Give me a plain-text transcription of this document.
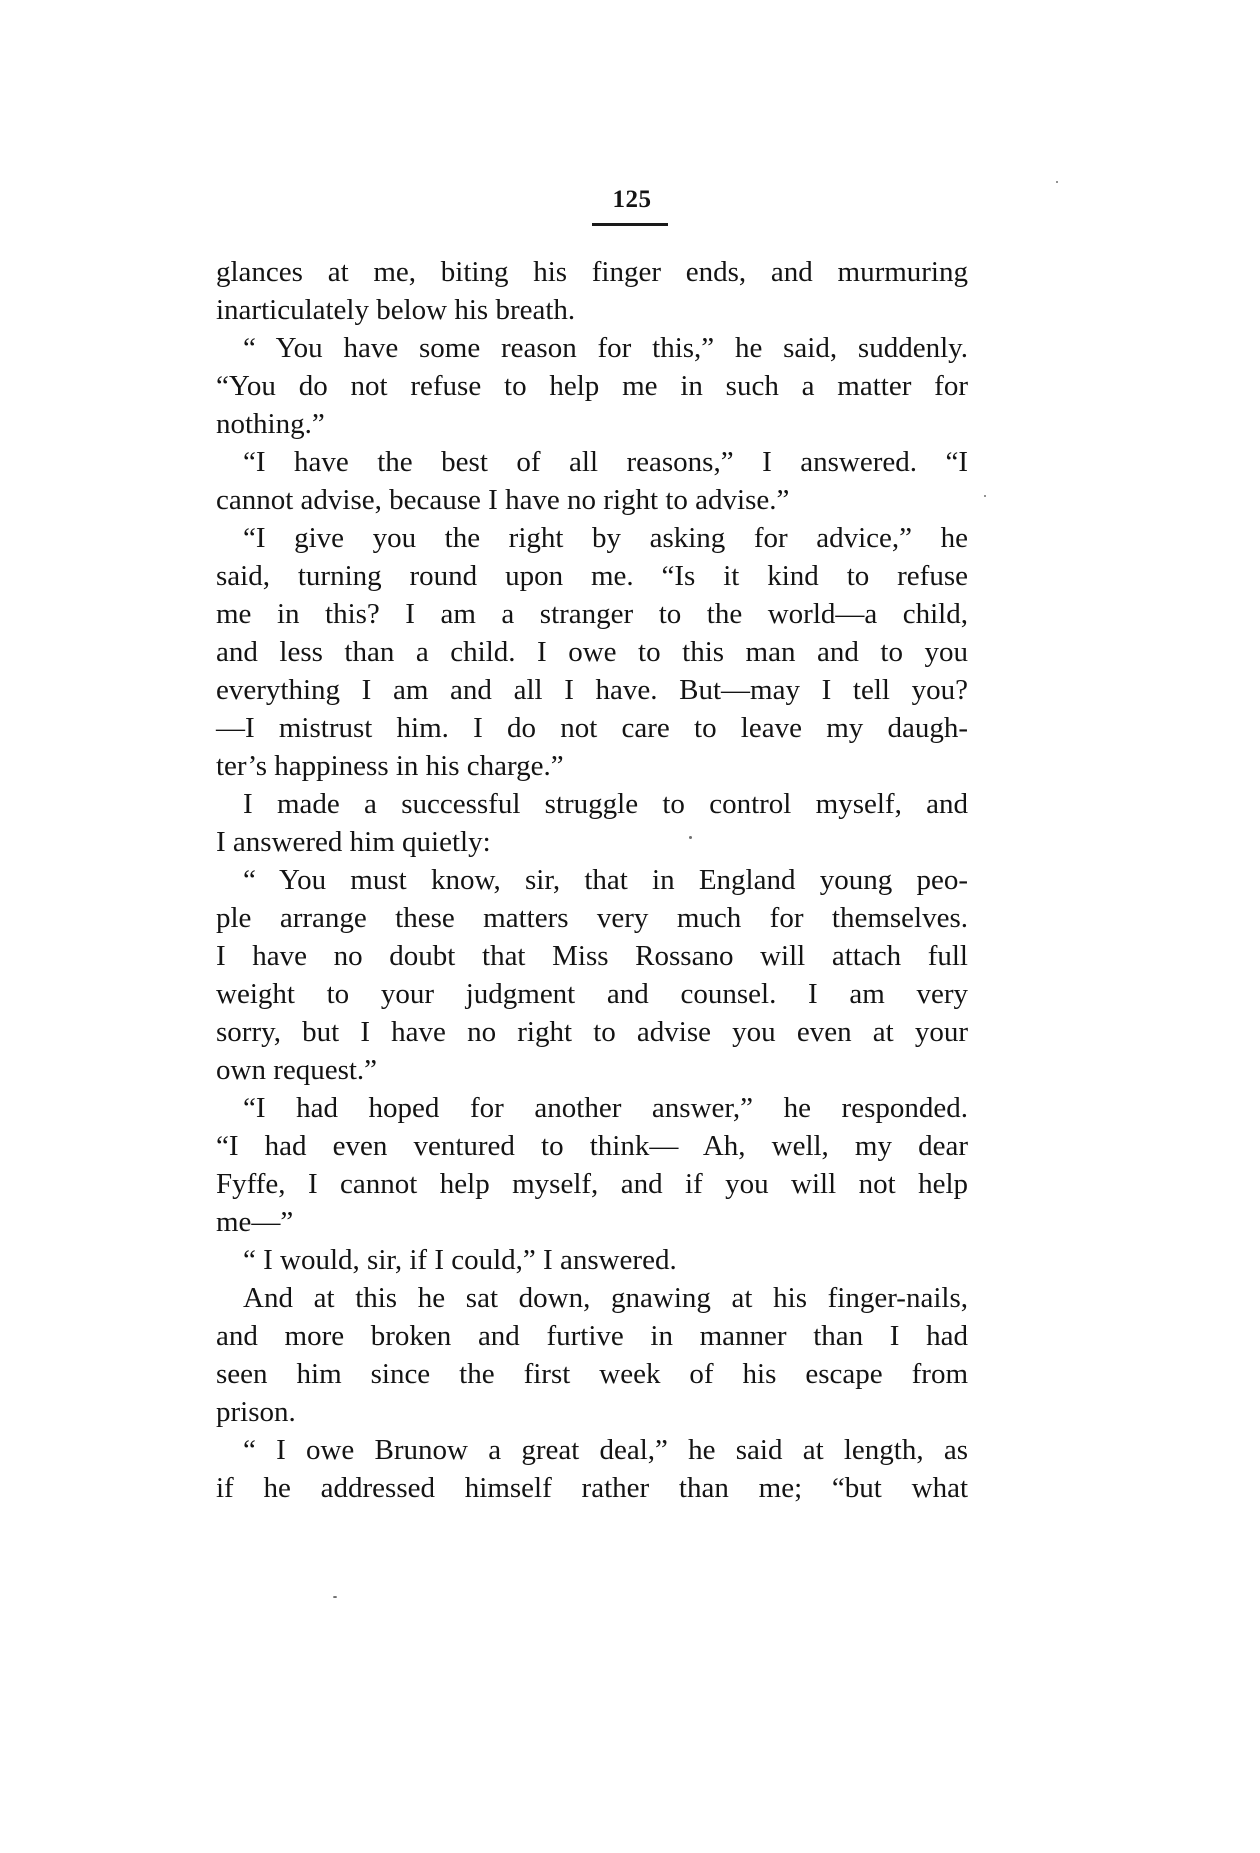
125
glances at me, biting his finger ends, and murmuring
inarticulately below his breath.
“ You have some reason for this,” he said, suddenly.
“You do not refuse to help me in such a matter for
nothing.”
“I have the best of all reasons,” I answered. “I
cannot advise, because I have no right to advise.”
“I give you the right by asking for advice,” he
said, turning round upon me. “Is it kind to refuse
me in this? I am a stranger to the world—a child,
and less than a child. I owe to this man and to you
everything I am and all I have. But—may I tell you?
—I mistrust him. I do not care to leave my daugh-
ter’s happiness in his charge.”
I made a successful struggle to control myself, and
I answered him quietly:
“ You must know, sir, that in England young peo-
ple arrange these matters very much for themselves.
I have no doubt that Miss Rossano will attach full
weight to your judgment and counsel. I am very
sorry, but I have no right to advise you even at your
own request.”
“I had hoped for another answer,” he responded.
“I had even ventured to think— Ah, well, my dear
Fyffe, I cannot help myself, and if you will not help
me—”
“ I would, sir, if I could,” I answered.
And at this he sat down, gnawing at his finger-nails,
and more broken and furtive in manner than I had
seen him since the first week of his escape from
prison.
“ I owe Brunow a great deal,” he said at length, as
if he addressed himself rather than me; “but what
